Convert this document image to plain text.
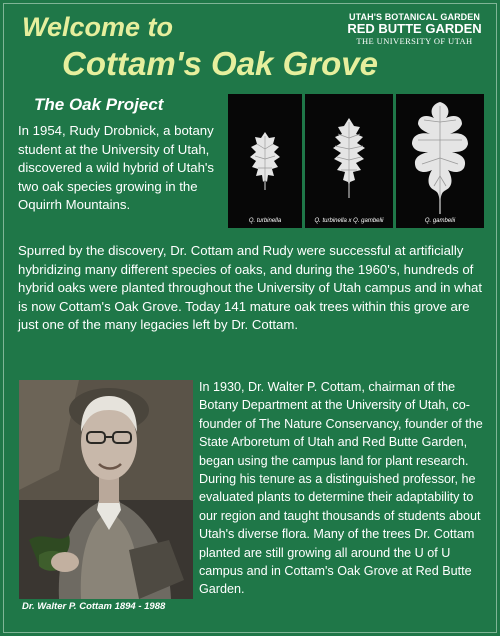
Welcome to
Cottam's Oak Grove
UTAH'S BOTANICAL GARDEN
RED BUTTE GARDEN
THE UNIVERSITY OF UTAH
The Oak Project

In 1954, Rudy Drobnick, a botany student at the University of Utah, discovered a wild hybrid of Utah's two oak species growing in the Oquirrh Mountains.

Q. turbinella	Q. turbinella x Q. gambelii	Q. gambelii

Spurred by the discovery, Dr. Cottam and Rudy were successful at artificially hybridizing many different species of oaks, and during the 1960's, hundreds of hybrid oaks were planted throughout the University of Utah campus and in what is now Cottam's Oak Grove. Today 141 mature oak trees within this grove are just one of the many legacies left by Dr. Cottam.

Dr. Walter P. Cottam 1894 - 1988

In 1930, Dr. Walter P. Cottam, chairman of the Botany Department at the University of Utah, co-founder of The Nature Conservancy, founder of the State Arboretum of Utah and Red Butte Garden, began using the campus land for plant research. During his tenure as a distinguished professor, he evaluated plants to determine their adaptability to our region and taught thousands of students about Utah's diverse flora. Many of the trees Dr. Cottam planted are still growing all around the U of U campus and in Cottam's Oak Grove at Red Butte Garden.
